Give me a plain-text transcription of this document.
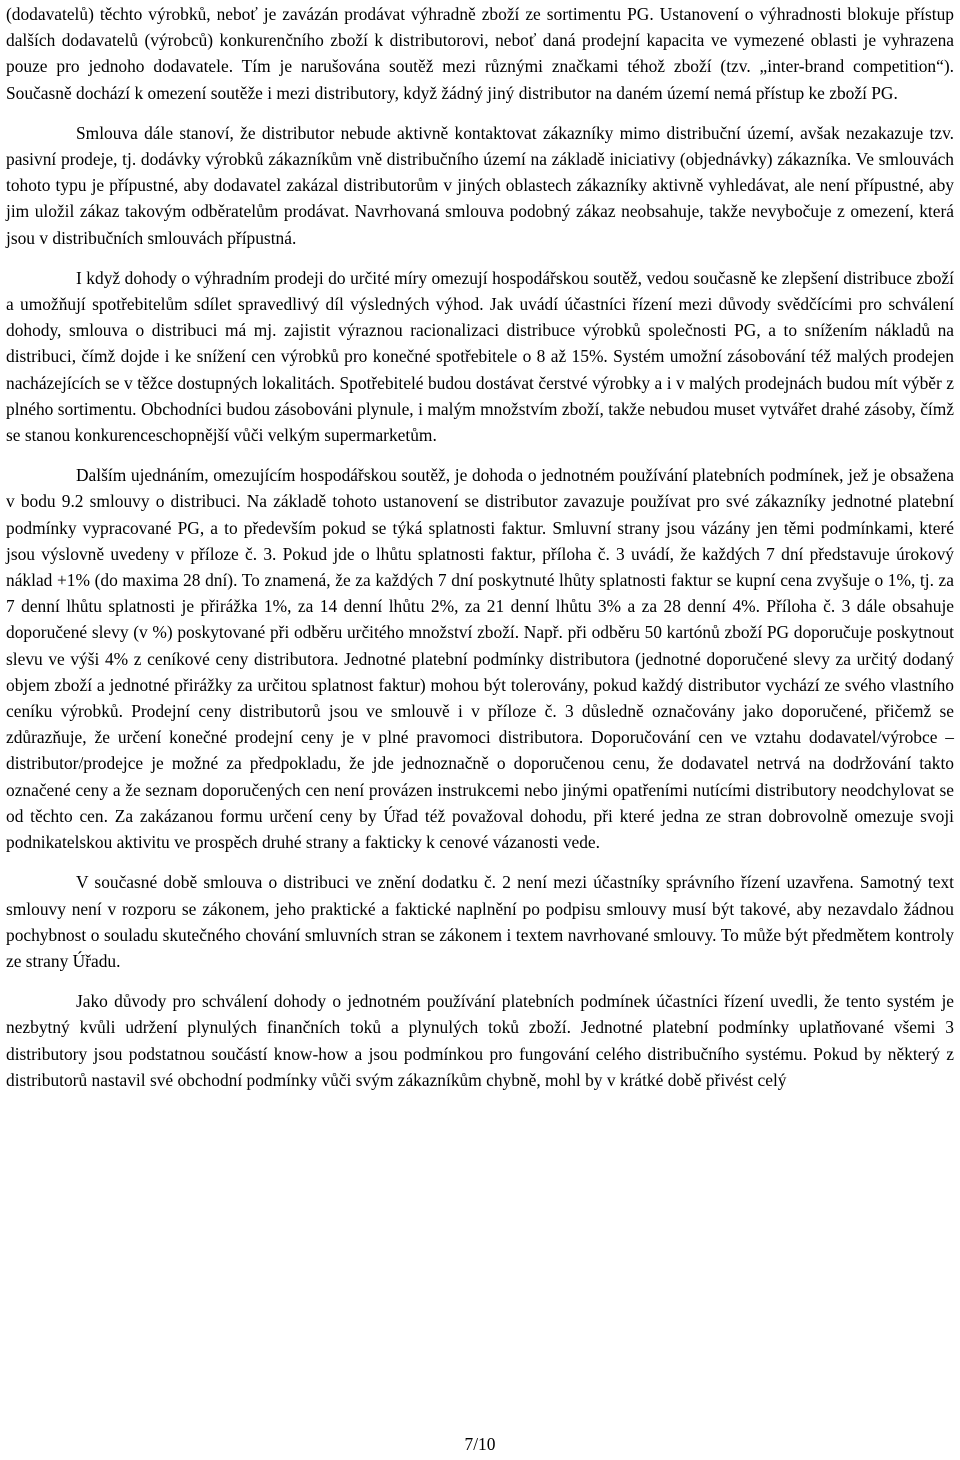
(dodavatelů) těchto výrobků, neboť je zavázán prodávat výhradně zboží ze sortimentu PG. Ustanovení o výhradnosti blokuje přístup dalších dodavatelů (výrobců) konkurenčního zboží k distributorovi, neboť daná prodejní kapacita ve vymezené oblasti je vyhrazena pouze pro jednoho dodavatele. Tím je narušována soutěž mezi různými značkami téhož zboží (tzv. „inter-brand competition“). Současně dochází k omezení soutěže i mezi distributory, když žádný jiný distributor na daném území nemá přístup ke zboží PG.

Smlouva dále stanoví, že distributor nebude aktivně kontaktovat zákazníky mimo distribuční území, avšak nezakazuje tzv. pasivní prodeje, tj. dodávky výrobků zákazníkům vně distribučního území na základě iniciativy (objednávky) zákazníka. Ve smlouvách tohoto typu je přípustné, aby dodavatel zakázal distributorům v jiných oblastech zákazníky aktivně vyhledávat, ale není přípustné, aby jim uložil zákaz takovým odběratelům prodávat. Navrhovaná smlouva podobný zákaz neobsahuje, takže nevybočuje z omezení, která jsou v distribučních smlouvách přípustná.

I když dohody o výhradním prodeji do určité míry omezují hospodářskou soutěž, vedou současně ke zlepšení distribuce zboží a umožňují spotřebitelům sdílet spravedlivý díl výsledných výhod. Jak uvádí účastníci řízení mezi důvody svědčícími pro schválení dohody, smlouva o distribuci má mj. zajistit výraznou racionalizaci distribuce výrobků společnosti PG, a to snížením nákladů na distribuci, čímž dojde i ke snížení cen výrobků pro konečné spotřebitele o 8 až 15%. Systém umožní zásobování též malých prodejen nacházejících se v těžce dostupných lokalitách. Spotřebitelé budou dostávat čerstvé výrobky a i v malých prodejnách budou mít výběr z plného sortimentu. Obchodníci budou zásobováni plynule, i malým množstvím zboží, takže nebudou muset vytvářet drahé zásoby, čímž se stanou konkurenceschopnější vůči velkým supermarketům.

Dalším ujednáním, omezujícím hospodářskou soutěž, je dohoda o jednotném používání platebních podmínek, jež je obsažena v bodu 9.2 smlouvy o distribuci. Na základě tohoto ustanovení se distributor zavazuje používat pro své zákazníky jednotné platební podmínky vypracované PG, a to především pokud se týká splatnosti faktur. Smluvní strany jsou vázány jen těmi podmínkami, které jsou výslovně uvedeny v příloze č. 3. Pokud jde o lhůtu splatnosti faktur, příloha č. 3 uvádí, že každých 7 dní představuje úrokový náklad +1% (do maxima 28 dní). To znamená, že za každých 7 dní poskytnuté lhůty splatnosti faktur se kupní cena zvyšuje o 1%, tj. za 7 denní lhůtu splatnosti je přirážka 1%, za 14 denní lhůtu 2%, za 21 denní lhůtu 3% a za 28 denní 4%. Příloha č. 3 dále obsahuje doporučené slevy (v %) poskytované při odběru určitého množství zboží. Např. při odběru 50 kartónů zboží PG doporučuje poskytnout slevu ve výši 4% z ceníkové ceny distributora. Jednotné platební podmínky distributora (jednotné doporučené slevy za určitý dodaný objem zboží a jednotné přirážky za určitou splatnost faktur) mohou být tolerovány, pokud každý distributor vychází ze svého vlastního ceníku výrobků. Prodejní ceny distributorů jsou ve smlouvě i v příloze č. 3 důsledně označovány jako doporučené, přičemž se zdůrazňuje, že určení konečné prodejní ceny je v plné pravomoci distributora. Doporučování cen ve vztahu dodavatel/výrobce – distributor/prodejce je možné za předpokladu, že jde jednoznačně o doporučenou cenu, že dodavatel netrvá na dodržování takto označené ceny a že seznam doporučených cen není provázen instrukcemi nebo jinými opatřeními nutícími distributory neodchylovat se od těchto cen. Za zakázanou formu určení ceny by Úřad též považoval dohodu, při které jedna ze stran dobrovolně omezuje svoji podnikatelskou aktivitu ve prospěch druhé strany a fakticky k cenové vázanosti vede.

V současné době smlouva o distribuci ve znění dodatku č. 2 není mezi účastníky správního řízení uzavřena. Samotný text smlouvy není v rozporu se zákonem, jeho praktické a faktické naplnění po podpisu smlouvy musí být takové, aby nezavdalo žádnou pochybnost o souladu skutečného chování smluvních stran se zákonem i textem navrhované smlouvy. To může být předmětem kontroly ze strany Úřadu.

Jako důvody pro schválení dohody o jednotném používání platebních podmínek účastníci řízení uvedli, že tento systém je nezbytný kvůli udržení plynulých finančních toků a plynulých toků zboží. Jednotné platební podmínky uplatňované všemi 3 distributory jsou podstatnou součástí know-how a jsou podmínkou pro fungování celého distribučního systému. Pokud by některý z distributorů nastavil své obchodní podmínky vůči svým zákazníkům chybně, mohl by v krátké době přivést celý

7/10
